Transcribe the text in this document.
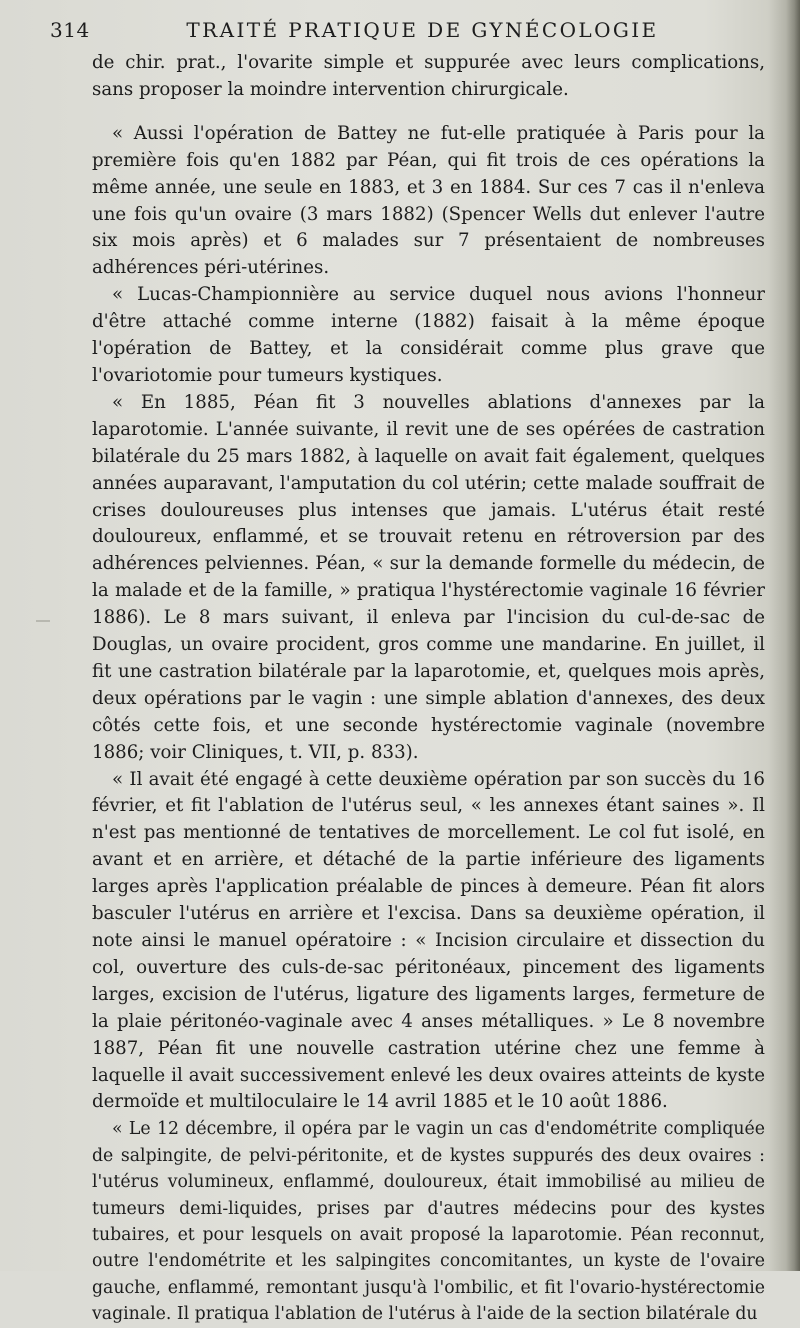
314	TRAITÉ PRATIQUE DE GYNÉCOLOGIE

de chir. prat., l'ovarite simple et suppurée avec leurs complications, sans proposer la moindre intervention chirurgicale.

« Aussi l'opération de Battey ne fut-elle pratiquée à Paris pour la première fois qu'en 1882 par Péan, qui fit trois de ces opérations la même année, une seule en 1883, et 3 en 1884. Sur ces 7 cas il n'enleva une fois qu'un ovaire (3 mars 1882) (Spencer Wells dut enlever l'autre six mois après) et 6 malades sur 7 présentaient de nombreuses adhérences péri-utérines.

« Lucas-Championnière au service duquel nous avions l'honneur d'être attaché comme interne (1882) faisait à la même époque l'opération de Battey, et la considérait comme plus grave que l'ovariotomie pour tumeurs kystiques.

« En 1885, Péan fit 3 nouvelles ablations d'annexes par la laparotomie. L'année suivante, il revit une de ses opérées de castration bilatérale du 25 mars 1882, à laquelle on avait fait également, quelques années auparavant, l'amputation du col utérin; cette malade souffrait de crises douloureuses plus intenses que jamais. L'utérus était resté douloureux, enflammé, et se trouvait retenu en rétroversion par des adhérences pelviennes. Péan, « sur la demande formelle du médecin, de la malade et de la famille, » pratiqua l'hystérectomie vaginale 16 février 1886). Le 8 mars suivant, il enleva par l'incision du cul-de-sac de Douglas, un ovaire procident, gros comme une mandarine. En juillet, il fit une castration bilatérale par la laparotomie, et, quelques mois après, deux opérations par le vagin : une simple ablation d'annexes, des deux côtés cette fois, et une seconde hystérectomie vaginale (novembre 1886; voir Cliniques, t. VII, p. 833).

« Il avait été engagé à cette deuxième opération par son succès du 16 février, et fit l'ablation de l'utérus seul, « les annexes étant saines ». Il n'est pas mentionné de tentatives de morcellement. Le col fut isolé, en avant et en arrière, et détaché de la partie inférieure des ligaments larges après l'application préalable de pinces à demeure. Péan fit alors basculer l'utérus en arrière et l'excisa. Dans sa deuxième opération, il note ainsi le manuel opératoire : « Incision circulaire et dissection du col, ouverture des culs-de-sac péritonéaux, pincement des ligaments larges, excision de l'utérus, ligature des ligaments larges, fermeture de la plaie péritonéo-vaginale avec 4 anses métalliques. » Le 8 novembre 1887, Péan fit une nouvelle castration utérine chez une femme à laquelle il avait successivement enlevé les deux ovaires atteints de kyste dermoïde et multiloculaire le 14 avril 1885 et le 10 août 1886.

« Le 12 décembre, il opéra par le vagin un cas d'endométrite compliquée de salpingite, de pelvi-péritonite, et de kystes suppurés des deux ovaires : l'utérus volumineux, enflammé, douloureux, était immobilisé au milieu de tumeurs demi-liquides, prises par d'autres médecins pour des kystes tubaires, et pour lesquels on avait proposé la laparotomie. Péan reconnut, outre l'endométrite et les salpingites concomitantes, un kyste de l'ovaire gauche, enflammé, remontant jusqu'à l'ombilic, et fit l'ovario-hystérectomie vaginale. Il pratiqua l'ablation de l'utérus à l'aide de la section bilatérale du
